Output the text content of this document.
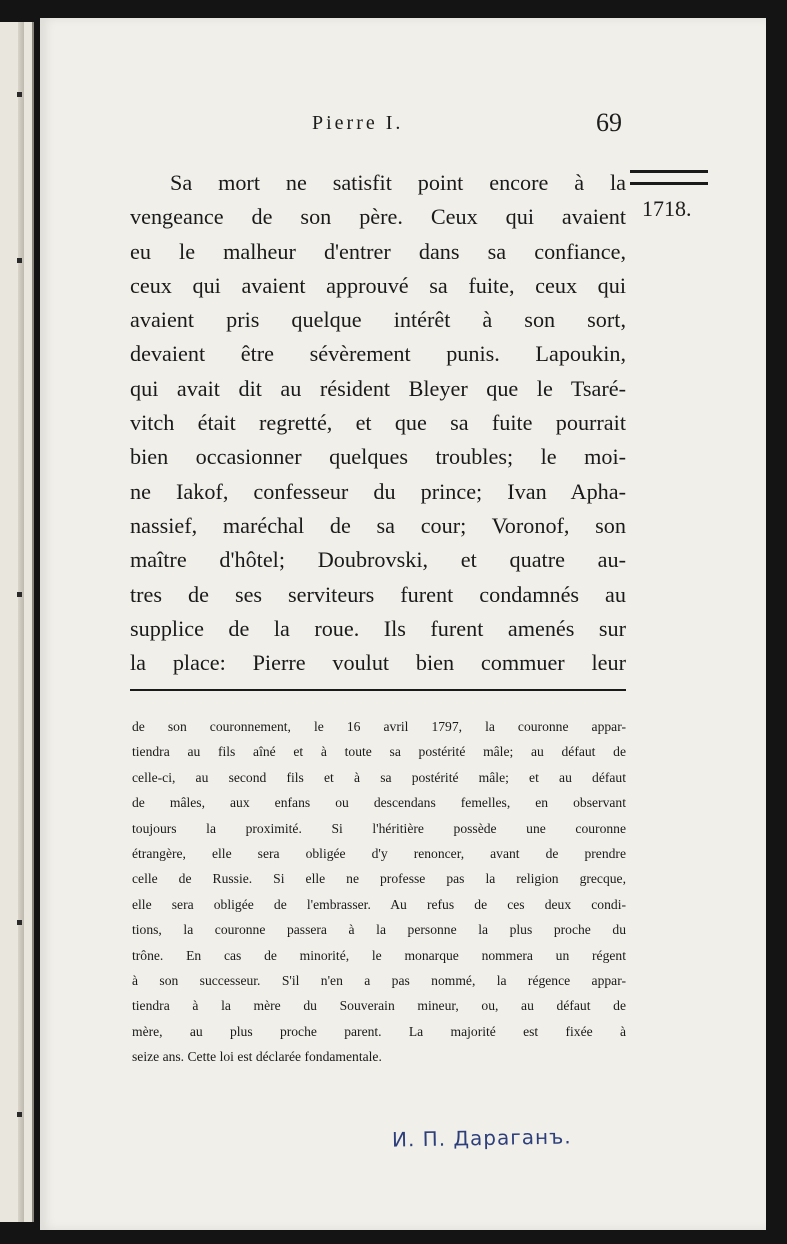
Pierre I.	69
1718.
Sa mort ne satisfit point encore à la
vengeance de son père. Ceux qui avaient
eu le malheur d'entrer dans sa confiance,
ceux qui avaient approuvé sa fuite, ceux qui
avaient pris quelque intérêt à son sort,
devaient être sévèrement punis. Lapoukin,
qui avait dit au résident Bleyer que le Tsaré-
vitch était regretté, et que sa fuite pourrait
bien occasionner quelques troubles; le moi-
ne Iakof, confesseur du prince; Ivan Apha-
nassief, maréchal de sa cour; Voronof, son
maître d'hôtel; Doubrovski, et quatre au-
tres de ses serviteurs furent condamnés au
supplice de la roue. Ils furent amenés sur
la place: Pierre voulut bien commuer leur
de son couronnement, le 16 avril 1797, la couronne appar-
tiendra au fils aîné et à toute sa postérité mâle; au défaut de
celle-ci, au second fils et à sa postérité mâle; et au défaut
de mâles, aux enfans ou descendans femelles, en observant
toujours la proximité. Si l'héritière possède une couronne
étrangère, elle sera obligée d'y renoncer, avant de prendre
celle de Russie. Si elle ne professe pas la religion grecque,
elle sera obligée de l'embrasser. Au refus de ces deux condi-
tions, la couronne passera à la personne la plus proche du
trône. En cas de minorité, le monarque nommera un régent
à son successeur. S'il n'en a pas nommé, la régence appar-
tiendra à la mère du Souverain mineur, ou, au défaut de
mère, au plus proche parent. La majorité est fixée à
seize ans. Cette loi est déclarée fondamentale.
И. П. Дараганъ.
